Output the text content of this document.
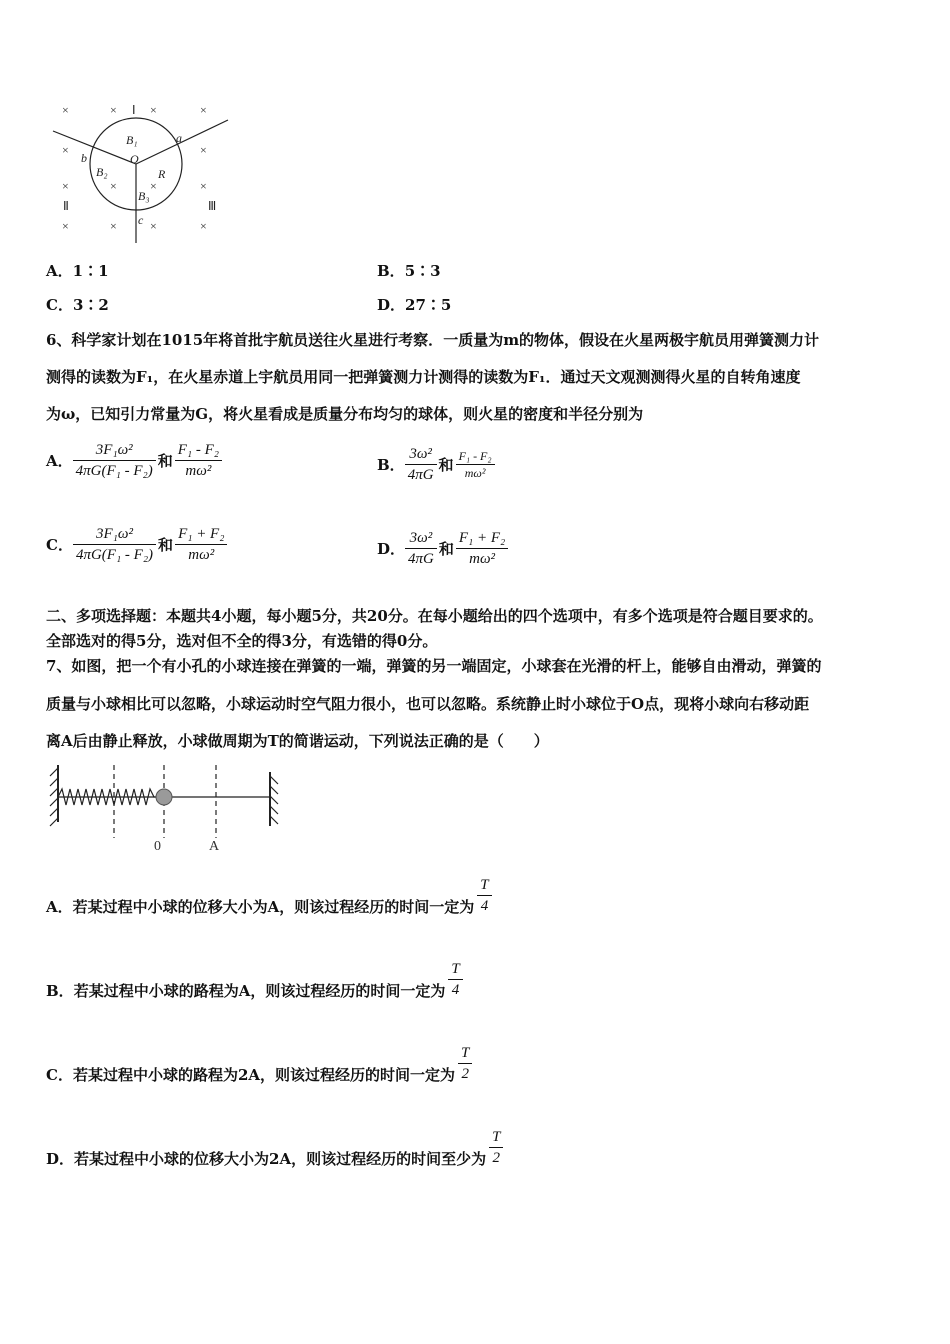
×	×	×	×
×	×
×	×	×	×
×	×	×	×
Ⅰ
Ⅱ	Ⅲ
a
b
c
O
R
B₁
B₂
B₃
A．1∶1	B．5∶3
C．3∶2	D．27∶5
6、科学家计划在1015年将首批宇航员送往火星进行考察．一质量为m的物体，假设在火星两极宇航员用弹簧测力计
测得的读数为F₁，在火星赤道上宇航员用同一把弹簧测力计测得的读数为F₁．通过天文观测测得火星的自转角速度
为ω，已知引力常量为G，将火星看成是质量分布均匀的球体，则火星的密度和半径分别为
A． $\frac{\text{3F₁ω²}}{\text{4πG(F₁ - F₂)}}$ 和 $\frac{\text{F₁ - F₂}}{\text{mω²}}$	B． $\frac{\text{3ω²}}{4\pi G}$ 和 $\frac{\text{F₁ - F₂}}{\text{mω²}}$
C． $\frac{\text{3F₁ω²}}{\text{4πG(F₁ - F₂)}}$ 和 $\frac{\text{F₁ + F₂}}{\text{mω²}}$	D． $\frac{\text{3ω²}}{4\pi G}$ 和 $\frac{\text{F₁ + F₂}}{\text{mω²}}$
二、多项选择题：本题共4小题，每小题5分，共20分。在每小题给出的四个选项中，有多个选项是符合题目要求的。
全部选对的得5分，选对但不全的得3分，有选错的得0分。
7、如图，把一个有小孔的小球连接在弹簧的一端，弹簧的另一端固定，小球套在光滑的杆上，能够自由滑动，弹簧的
质量与小球相比可以忽略，小球运动时空气阻力很小，也可以忽略。系统静止时小球位于O点，现将小球向右移动距
离A后由静止释放，小球做周期为T的简谐运动，下列说法正确的是（　　）
0	A
A．若某过程中小球的位移大小为A，则该过程经历的时间一定为 $\frac{T}{4}$
B．若某过程中小球的路程为A，则该过程经历的时间一定为 $\frac{T}{4}$
C．若某过程中小球的路程为2A，则该过程经历的时间一定为 $\frac{T}{2}$
D．若某过程中小球的位移大小为2A，则该过程经历的时间至少为 $\frac{T}{2}$
